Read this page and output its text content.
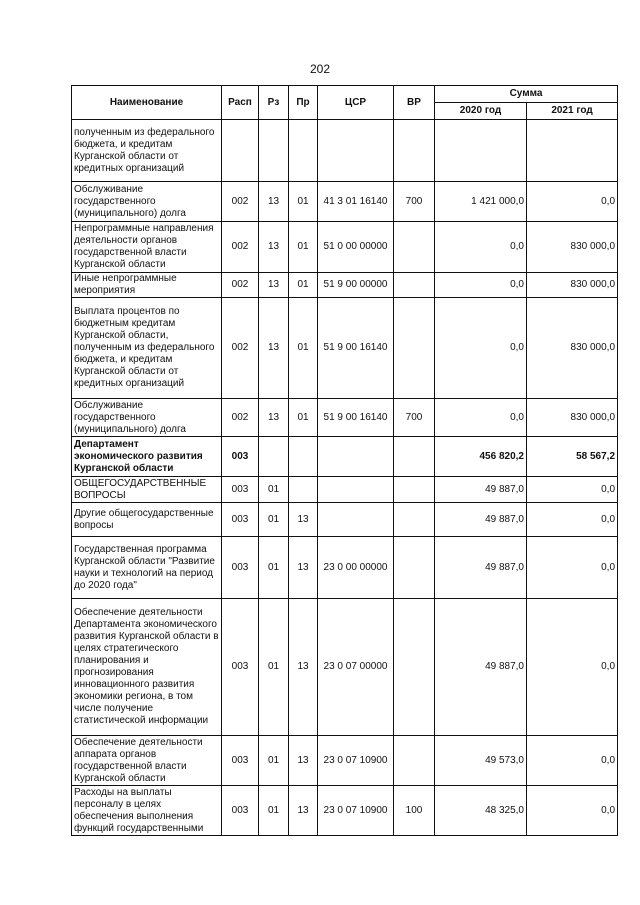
202
Наименование	Расп	Рз	Пр	ЦСР	ВР	Сумма	
						2020 год	2021 год
полученным из федерального бюджета, и кредитам Курганской области от кредитных организаций							
Обслуживание государственного (муниципального) долга	002	13	01	41 3 01 16140	700	1 421 000,0	0,0
Непрограммные направления деятельности органов государственной власти Курганской области	002	13	01	51 0 00 00000		0,0	830 000,0
Иные непрограммные мероприятия	002	13	01	51 9 00 00000		0,0	830 000,0
Выплата процентов по бюджетным кредитам Курганской области, полученным из федерального бюджета, и кредитам Курганской области от кредитных организаций	002	13	01	51 9 00 16140		0,0	830 000,0
Обслуживание государственного (муниципального) долга	002	13	01	51 9 00 16140	700	0,0	830 000,0
Департамент экономического развития Курганской области	003					456 820,2	58 567,2
ОБЩЕГОСУДАРСТВЕННЫЕ ВОПРОСЫ	003	01				49 887,0	0,0
Другие общегосударственные вопросы	003	01	13			49 887,0	0,0
Государственная программа Курганской области "Развитие науки и технологий на период до 2020 года"	003	01	13	23 0 00 00000		49 887,0	0,0
Обеспечение деятельности Департамента экономического развития Курганской области в целях стратегического планирования и прогнозирования инновационного развития экономики региона, в том числе получение статистической информации	003	01	13	23 0 07 00000		49 887,0	0,0
Обеспечение деятельности аппарата органов государственной власти Курганской области	003	01	13	23 0 07 10900		49 573,0	0,0
Расходы на выплаты персоналу в целях обеспечения выполнения функций государственными	003	01	13	23 0 07 10900	100	48 325,0	0,0
